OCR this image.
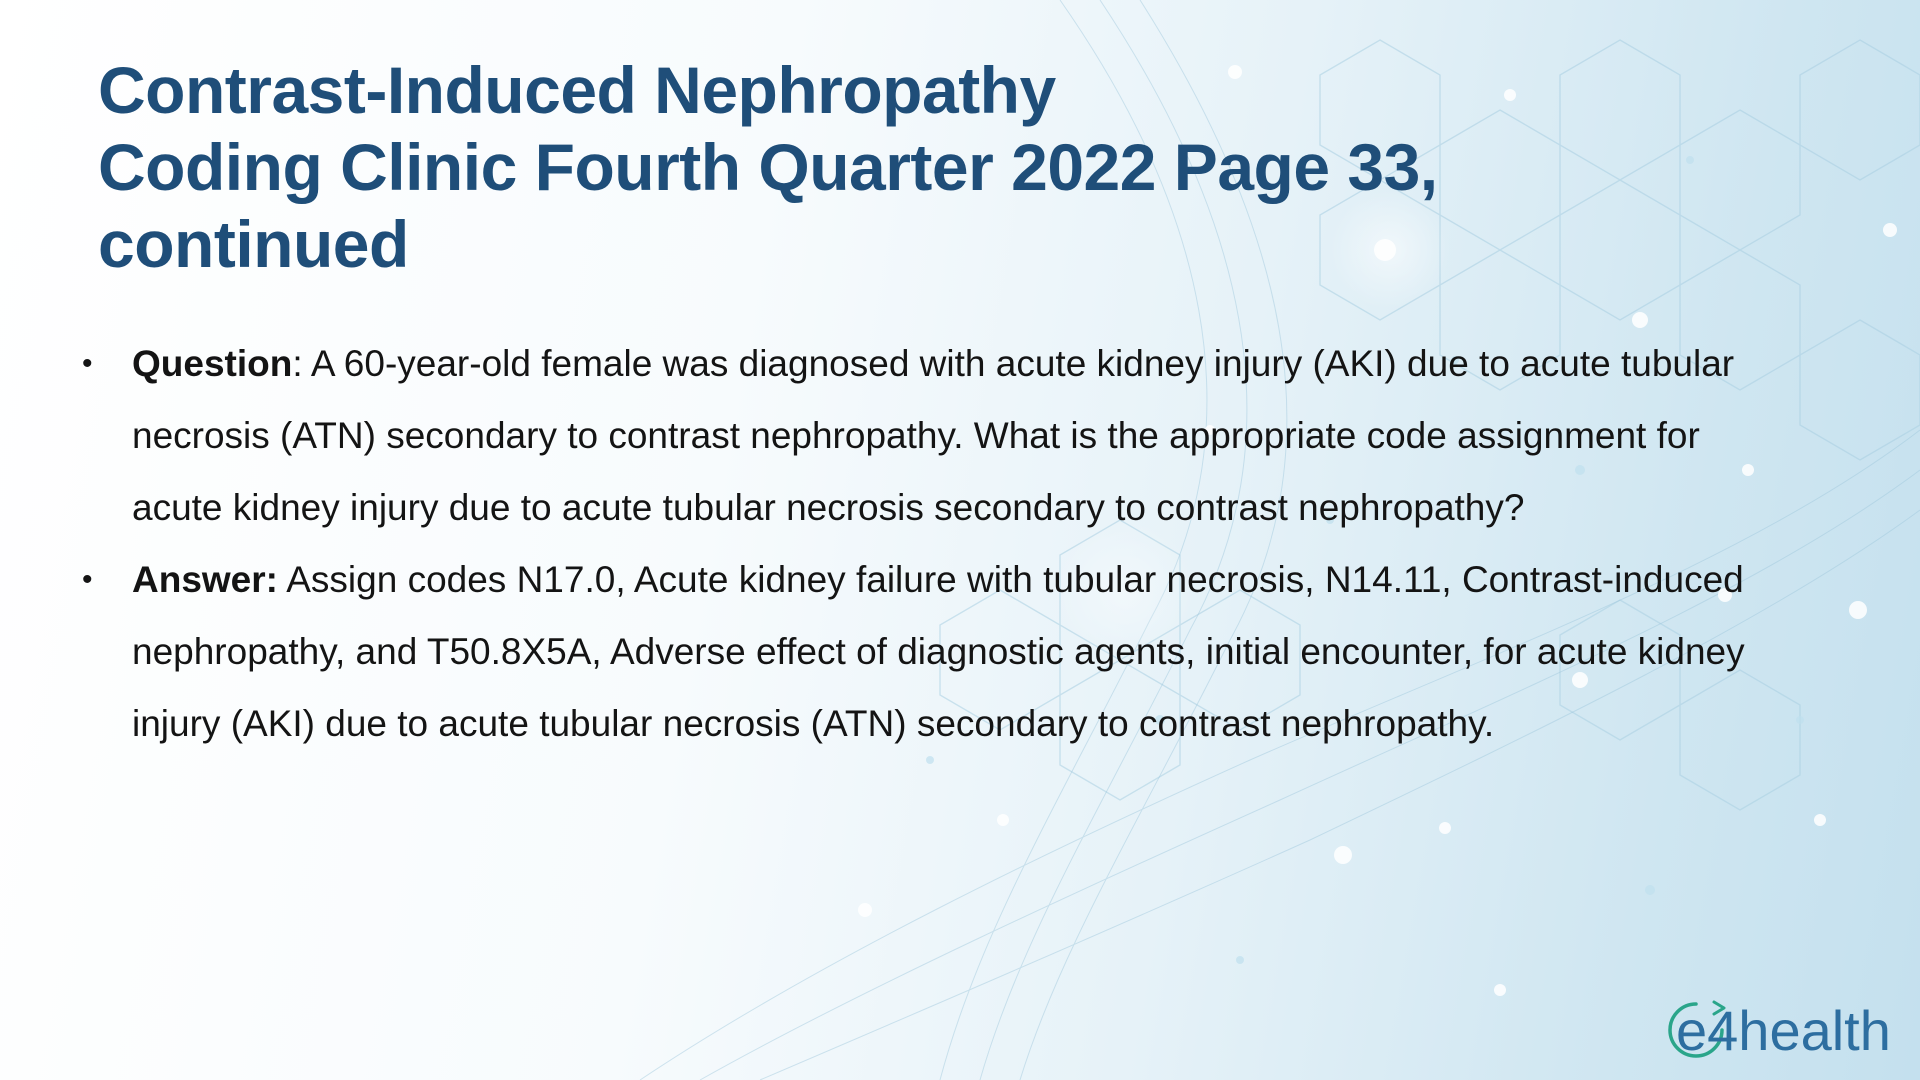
Contrast-Induced Nephropathy
Coding Clinic Fourth Quarter 2022 Page 33,
continued
• Question: A 60-year-old female was diagnosed with acute kidney injury (AKI) due to acute tubular necrosis (ATN) secondary to contrast nephropathy. What is the appropriate code assignment for acute kidney injury due to acute tubular necrosis secondary to contrast nephropathy?
• Answer: Assign codes N17.0, Acute kidney failure with tubular necrosis, N14.11, Contrast-induced nephropathy, and T50.8X5A, Adverse effect of diagnostic agents, initial encounter, for acute kidney injury (AKI) due to acute tubular necrosis (ATN) secondary to contrast nephropathy.
e4health
